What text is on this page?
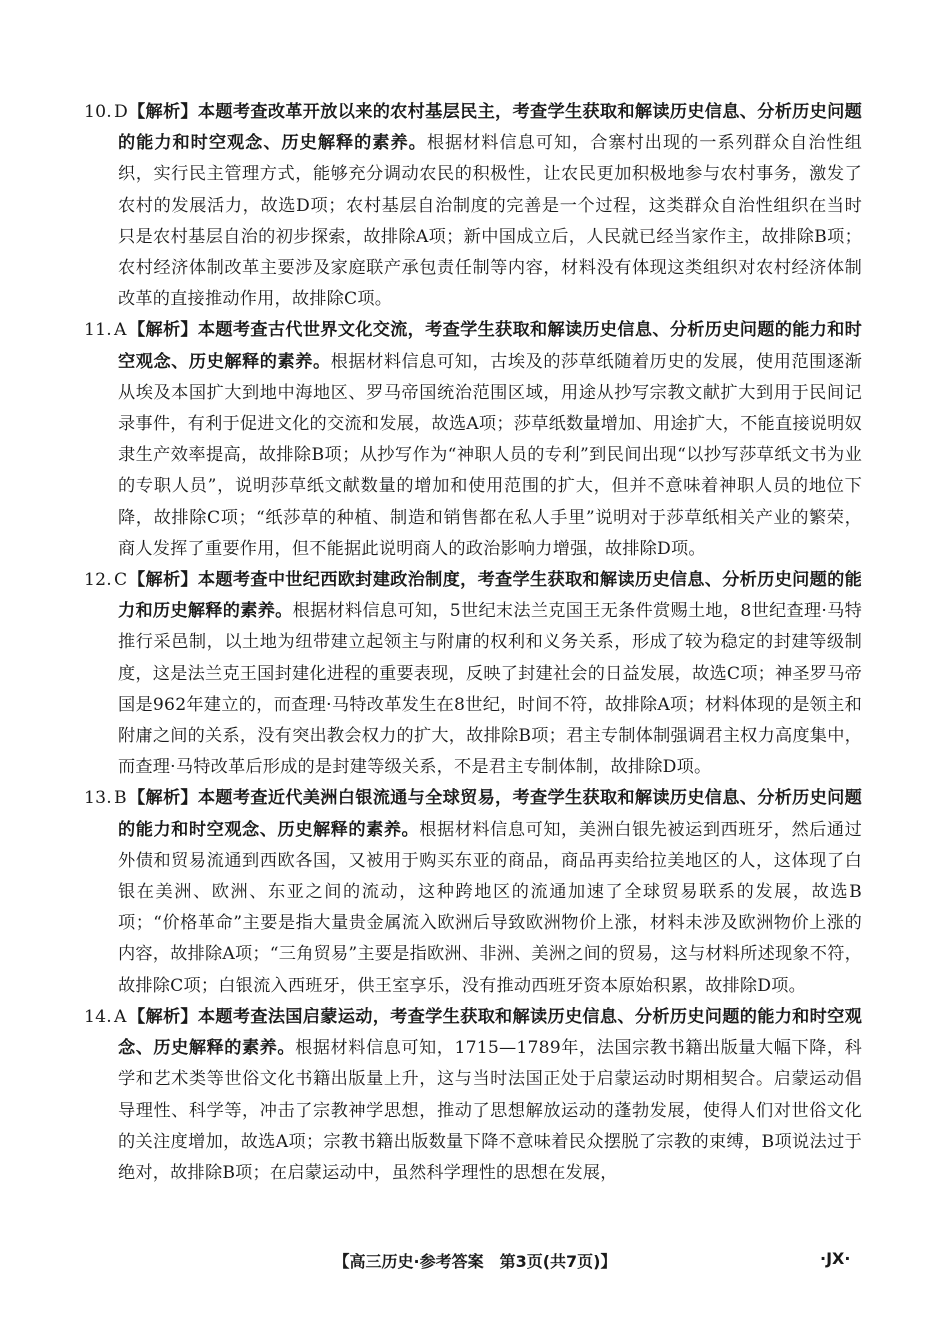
10. D 【解析】本题考查改革开放以来的农村基层民主，考查学生获取和解读历史信息、分析历史问题的能力和时空观念、历史解释的素养。根据材料信息可知，合寨村出现的一系列群众自治性组织，实行民主管理方式，能够充分调动农民的积极性，让农民更加积极地参与农村事务，激发了农村的发展活力，故选D项；农村基层自治制度的完善是一个过程，这类群众自治性组织在当时只是农村基层自治的初步探索，故排除A项；新中国成立后，人民就已经当家作主，故排除B项；农村经济体制改革主要涉及家庭联产承包责任制等内容，材料没有体现这类组织对农村经济体制改革的直接推动作用，故排除C项。
11. A 【解析】本题考查古代世界文化交流，考查学生获取和解读历史信息、分析历史问题的能力和时空观念、历史解释的素养。根据材料信息可知，古埃及的莎草纸随着历史的发展，使用范围逐渐从埃及本国扩大到地中海地区、罗马帝国统治范围区域，用途从抄写宗教文献扩大到用于民间记录事件，有利于促进文化的交流和发展，故选A项；莎草纸数量增加、用途扩大，不能直接说明奴隶生产效率提高，故排除B项；从抄写作为“神职人员的专利”到民间出现“以抄写莎草纸文书为业的专职人员”，说明莎草纸文献数量的增加和使用范围的扩大，但并不意味着神职人员的地位下降，故排除C项；“纸莎草的种植、制造和销售都在私人手里”说明对于莎草纸相关产业的繁荣，商人发挥了重要作用，但不能据此说明商人的政治影响力增强，故排除D项。
12. C 【解析】本题考查中世纪西欧封建政治制度，考查学生获取和解读历史信息、分析历史问题的能力和历史解释的素养。根据材料信息可知，5世纪末法兰克国王无条件赏赐土地，8世纪查理·马特推行采邑制，以土地为纽带建立起领主与附庸的权利和义务关系，形成了较为稳定的封建等级制度，这是法兰克王国封建化进程的重要表现，反映了封建社会的日益发展，故选C项；神圣罗马帝国是962年建立的，而查理·马特改革发生在8世纪，时间不符，故排除A项；材料体现的是领主和附庸之间的关系，没有突出教会权力的扩大，故排除B项；君主专制体制强调君主权力高度集中，而查理·马特改革后形成的是封建等级关系，不是君主专制体制，故排除D项。
13. B 【解析】本题考查近代美洲白银流通与全球贸易，考查学生获取和解读历史信息、分析历史问题的能力和时空观念、历史解释的素养。根据材料信息可知，美洲白银先被运到西班牙，然后通过外债和贸易流通到西欧各国，又被用于购买东亚的商品，商品再卖给拉美地区的人，这体现了白银在美洲、欧洲、东亚之间的流动，这种跨地区的流通加速了全球贸易联系的发展，故选B项；“价格革命”主要是指大量贵金属流入欧洲后导致欧洲物价上涨，材料未涉及欧洲物价上涨的内容，故排除A项；“三角贸易”主要是指欧洲、非洲、美洲之间的贸易，这与材料所述现象不符，故排除C项；白银流入西班牙，供王室享乐，没有推动西班牙资本原始积累，故排除D项。
14. A 【解析】本题考查法国启蒙运动，考查学生获取和解读历史信息、分析历史问题的能力和时空观念、历史解释的素养。根据材料信息可知，1715—1789年，法国宗教书籍出版量大幅下降，科学和艺术类等世俗文化书籍出版量上升，这与当时法国正处于启蒙运动时期相契合。启蒙运动倡导理性、科学等，冲击了宗教神学思想，推动了思想解放运动的蓬勃发展，使得人们对世俗文化的关注度增加，故选A项；宗教书籍出版数量下降不意味着民众摆脱了宗教的束缚，B项说法过于绝对，故排除B项；在启蒙运动中，虽然科学理性的思想在发展，
【高三历史·参考答案　第3页(共7页)】	·JX·
